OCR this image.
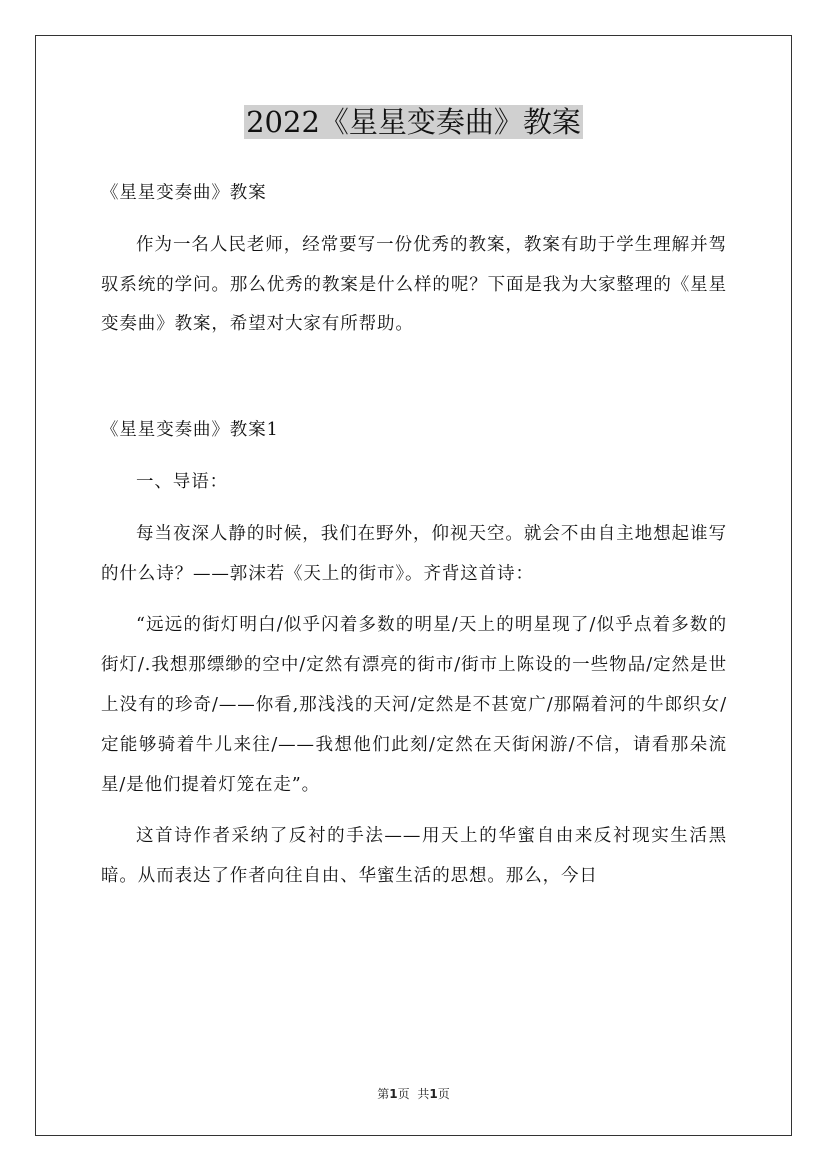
2022《星星变奏曲》教案

《星星变奏曲》教案

作为一名人民老师，经常要写一份优秀的教案，教案有助于学生理解并驾驭系统的学问。那么优秀的教案是什么样的呢？下面是我为大家整理的《星星变奏曲》教案，希望对大家有所帮助。

《星星变奏曲》教案1

一、导语：

每当夜深人静的时候，我们在野外，仰视天空。就会不由自主地想起谁写的什么诗？——郭沫若《天上的街市》。齐背这首诗：

“远远的街灯明白/似乎闪着多数的明星/天上的明星现了/似乎点着多数的街灯/.我想那缥缈的空中/定然有漂亮的街市/街市上陈设的一些物品/定然是世上没有的珍奇/——你看,那浅浅的天河/定然是不甚宽广/那隔着河的牛郎织女/定能够骑着牛儿来往/——我想他们此刻/定然在天街闲游/不信，请看那朵流星/是他们提着灯笼在走”。

这首诗作者采纳了反衬的手法——用天上的华蜜自由来反衬现实生活黑暗。从而表达了作者向往自由、华蜜生活的思想。那么，今日

第1页 共1页
